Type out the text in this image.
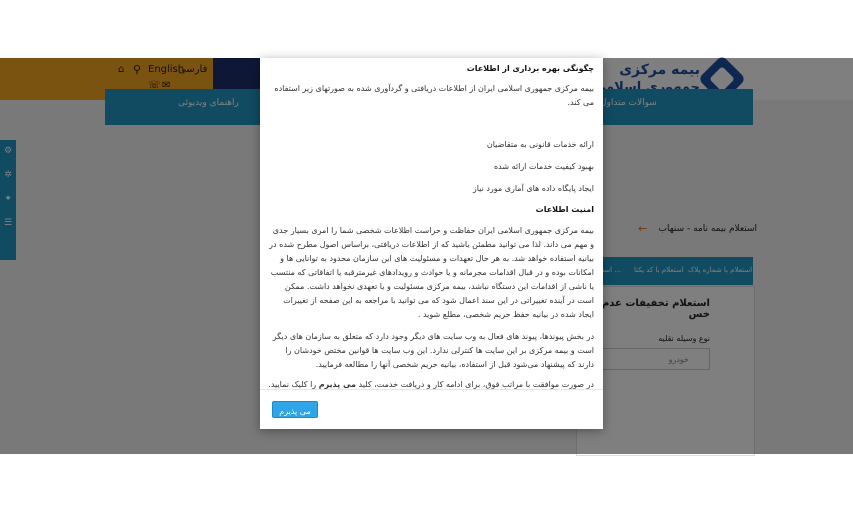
چگونگی بهره برداری از اطلاعات

بیمه مرکزی جمهوری اسلامی ایران از اطلاعات دریافتی و گردآوری شده به صورتهای زیر استفاده می کند.

ارائه خدمات قانونی به متقاضیان

بهبود کیفیت خدمات ارائه شده

ایجاد پایگاه داده های آماری مورد نیاز

امنیت اطلاعات

بیمه مرکزی جمهوری اسلامی ایران حفاظت و حراست اطلاعات شخصی شما را امری بسیار جدی و مهم می داند. لذا می توانید مطمئن باشید که از اطلاعات دریافتی، براساس اصول مطرح شده در بیانیه استفاده خواهد شد. به هر حال تعهدات و مسئولیت های این سازمان محدود به توانایی ها و امکانات بوده و در قبال اقدامات مجرمانه و یا حوادث و رویدادهای غیرمترقبه یا اتفاقاتی که منتسب یا ناشی از اقدامات این دستگاه نباشد، بیمه مرکزی مسئولیت و یا تعهدی نخواهد داشت. ممکن است در آینده تغییراتی در این سند اعمال شود که می توانید با مراجعه به این صفحه از تغییرات ایجاد شده در بیانیه حفظ حریم شخصی، مطلع شوید .

در بخش پیوندها، پیوند های فعال به وب سایت های دیگر وجود دارد که متعلق به سازمان های دیگر است و بیمه مرکزی بر این سایت ها کنترلی ندارد. این وب سایت ها قوانین مختص خودشان را دارند که پیشنهاد می‌شود قبل از استفاده، بیانیه حریم شخصی آنها را مطالعه فرمایید.

در صورت موافقت با مراتب فوق، برای ادامه کار و دریافت خدمت، کلید می پذیرم را کلیک نمایید.

می پذیرم
